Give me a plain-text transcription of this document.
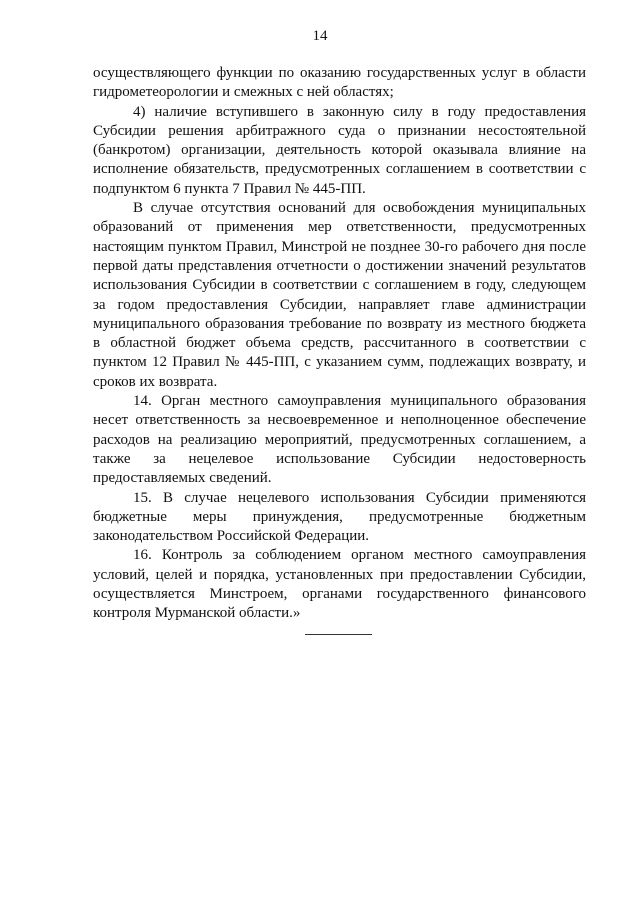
14

осуществляющего функции по оказанию государственных услуг в области гидрометеорологии и смежных с ней областях;

4) наличие вступившего в законную силу в году предоставления Субсидии решения арбитражного суда о признании несостоятельной (банкротом) организации, деятельность которой оказывала влияние на исполнение обязательств, предусмотренных соглашением в соответствии с подпунктом 6 пункта 7 Правил № 445-ПП.

В случае отсутствия оснований для освобождения муниципальных образований от применения мер ответственности, предусмотренных настоящим пунктом Правил, Минстрой не позднее 30-го рабочего дня после первой даты представления отчетности о достижении значений результатов использования Субсидии в соответствии с соглашением в году, следующем за годом предоставления Субсидии, направляет главе администрации муниципального образования требование по возврату из местного бюджета в областной бюджет объема средств, рассчитанного в соответствии с пунктом 12 Правил № 445-ПП, с указанием сумм, подлежащих возврату, и сроков их возврата.

14. Орган местного самоуправления муниципального образования несет ответственность за несвоевременное и неполноценное обеспечение расходов на реализацию мероприятий, предусмотренных соглашением, а также за нецелевое использование Субсидии недостоверность предоставляемых сведений.

15. В случае нецелевого использования Субсидии применяются бюджетные меры принуждения, предусмотренные бюджетным законодательством Российской Федерации.

16. Контроль за соблюдением органом местного самоуправления условий, целей и порядка, установленных при предоставлении Субсидии, осуществляется Минстроем, органами государственного финансового контроля Мурманской области.»
